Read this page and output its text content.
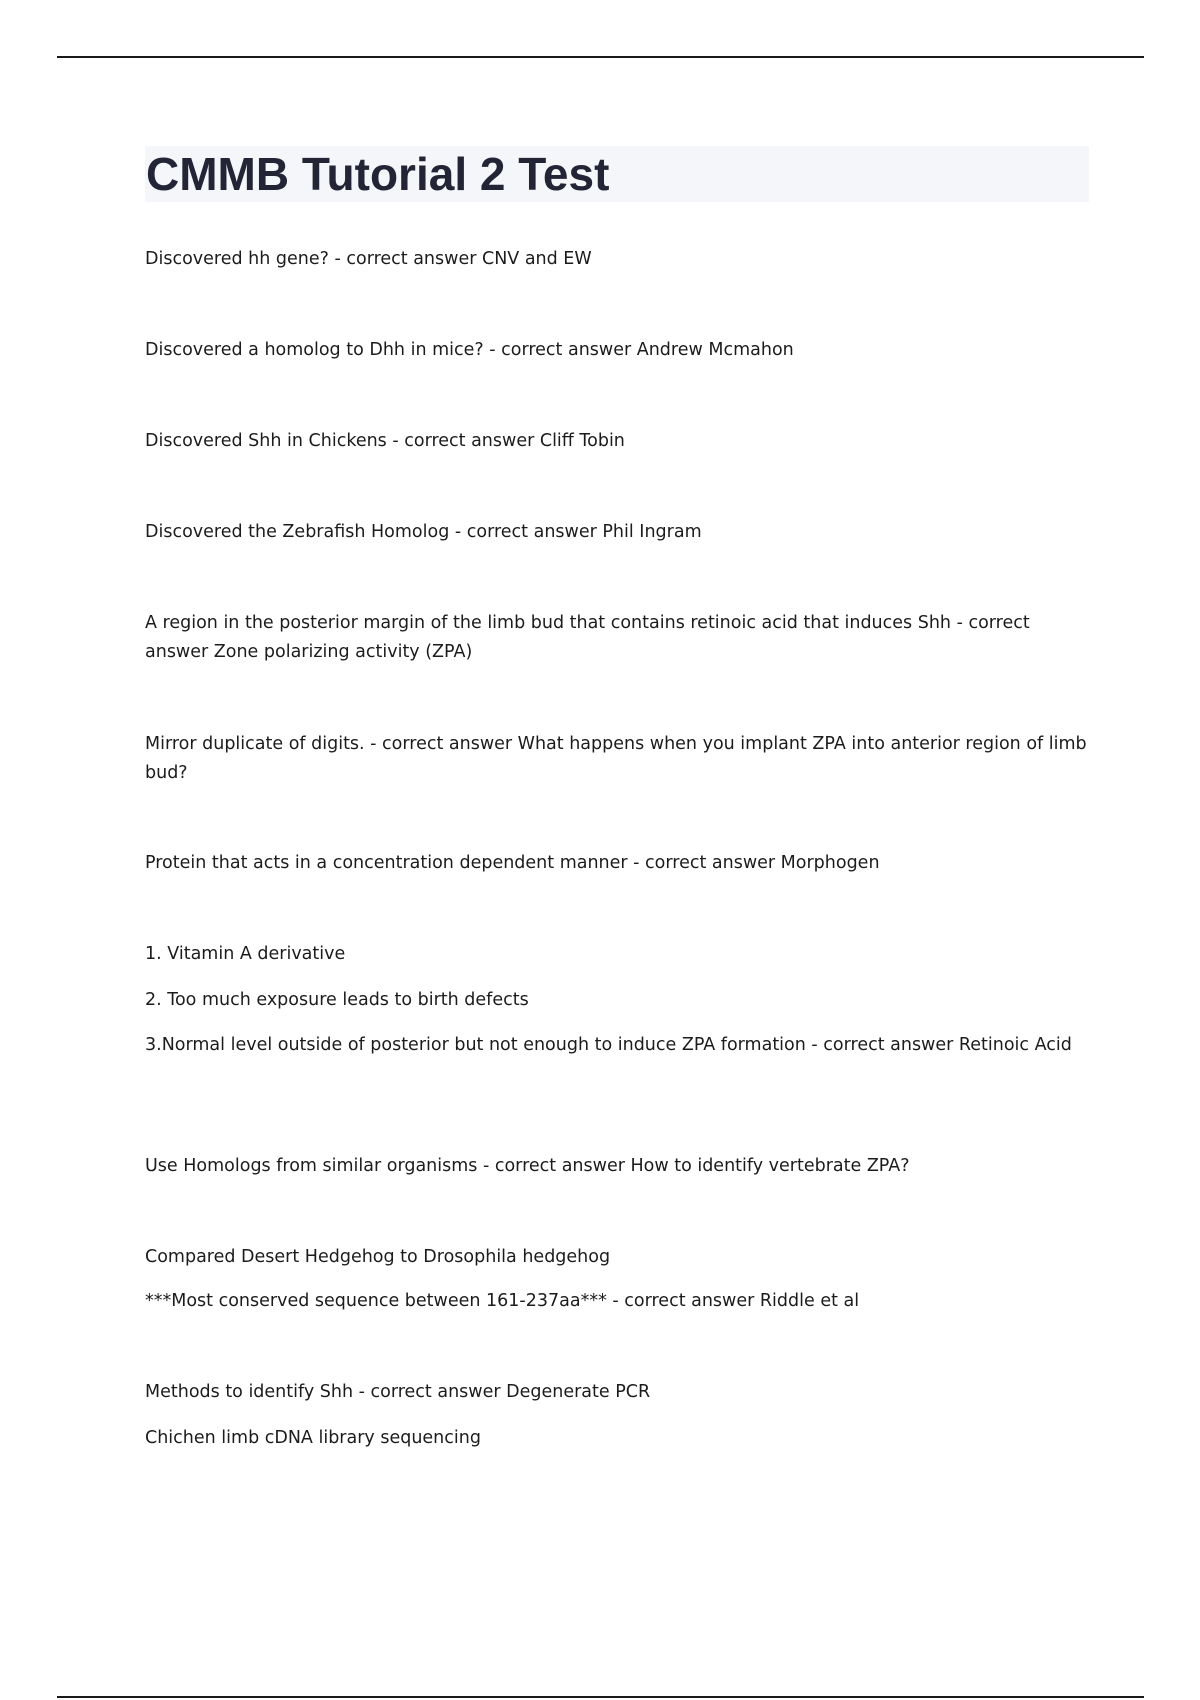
CMMB Tutorial 2 Test

Discovered hh gene? - correct answer CNV and EW

Discovered a homolog to Dhh in mice? - correct answer Andrew Mcmahon

Discovered Shh in Chickens - correct answer Cliff Tobin

Discovered the Zebrafish Homolog - correct answer Phil Ingram

A region in the posterior margin of the limb bud that contains retinoic acid that induces Shh - correct answer Zone polarizing activity (ZPA)

Mirror duplicate of digits. - correct answer What happens when you implant ZPA into anterior region of limb bud?

Protein that acts in a concentration dependent manner - correct answer Morphogen

1. Vitamin A derivative

2. Too much exposure leads to birth defects

3.Normal level outside of posterior but not enough to induce ZPA formation - correct answer Retinoic Acid

Use Homologs from similar organisms - correct answer How to identify vertebrate ZPA?

Compared Desert Hedgehog to Drosophila hedgehog

***Most conserved sequence between 161-237aa*** - correct answer Riddle et al

Methods to identify Shh - correct answer Degenerate PCR

Chichen limb cDNA library sequencing
